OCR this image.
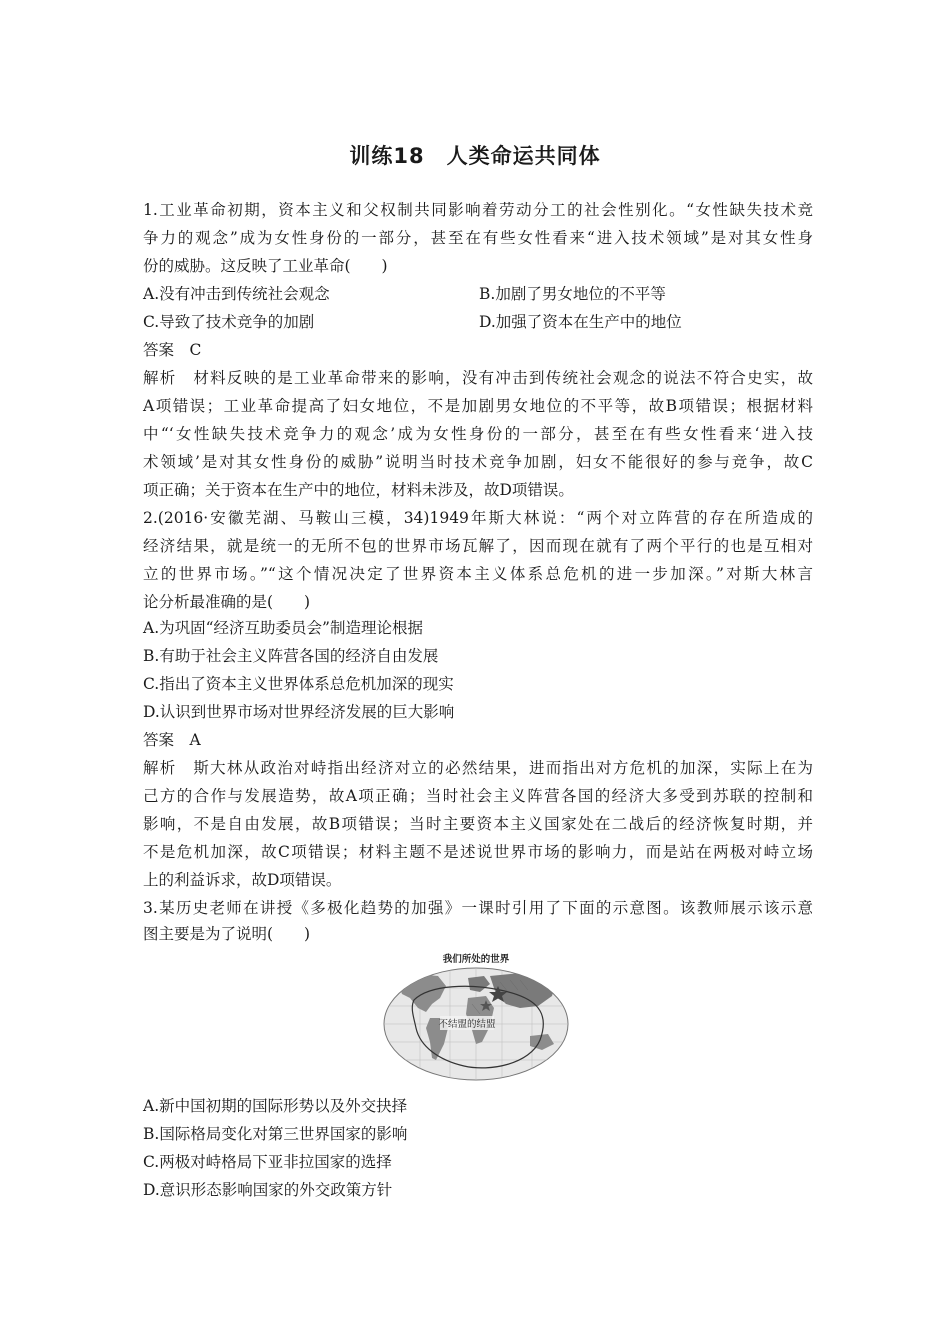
训练18　人类命运共同体
1.工业革命初期，资本主义和父权制共同影响着劳动分工的社会性别化。“女性缺失技术竞
争力的观念”成为女性身份的一部分，甚至在有些女性看来“进入技术领域”是对其女性身
份的威胁。这反映了工业革命(　　)
A.没有冲击到传统社会观念	B.加剧了男女地位的不平等
C.导致了技术竞争的加剧	D.加强了资本在生产中的地位
答案　C
解析　材料反映的是工业革命带来的影响，没有冲击到传统社会观念的说法不符合史实，故
A项错误；工业革命提高了妇女地位，不是加剧男女地位的不平等，故B项错误；根据材料
中“‘女性缺失技术竞争力的观念’成为女性身份的一部分，甚至在有些女性看来‘进入技
术领域’是对其女性身份的威胁”说明当时技术竞争加剧，妇女不能很好的参与竞争，故C
项正确；关于资本在生产中的地位，材料未涉及，故D项错误。
2.(2016·安徽芜湖、马鞍山三模，34)1949年斯大林说：“两个对立阵营的存在所造成的
经济结果，就是统一的无所不包的世界市场瓦解了，因而现在就有了两个平行的也是互相对
立的世界市场。”“这个情况决定了世界资本主义体系总危机的进一步加深。”对斯大林言
论分析最准确的是(　　)
A.为巩固“经济互助委员会”制造理论根据
B.有助于社会主义阵营各国的经济自由发展
C.指出了资本主义世界体系总危机加深的现实
D.认识到世界市场对世界经济发展的巨大影响
答案　A
解析　斯大林从政治对峙指出经济对立的必然结果，进而指出对方危机的加深，实际上在为
己方的合作与发展造势，故A项正确；当时社会主义阵营各国的经济大多受到苏联的控制和
影响，不是自由发展，故B项错误；当时主要资本主义国家处在二战后的经济恢复时期，并
不是危机加深，故C项错误；材料主题不是述说世界市场的影响力，而是站在两极对峙立场
上的利益诉求，故D项错误。
3.某历史老师在讲授《多极化趋势的加强》一课时引用了下面的示意图。该教师展示该示意
图主要是为了说明(　　)
我们所处的世界
不结盟的结盟
A.新中国初期的国际形势以及外交抉择
B.国际格局变化对第三世界国家的影响
C.两极对峙格局下亚非拉国家的选择
D.意识形态影响国家的外交政策方针
